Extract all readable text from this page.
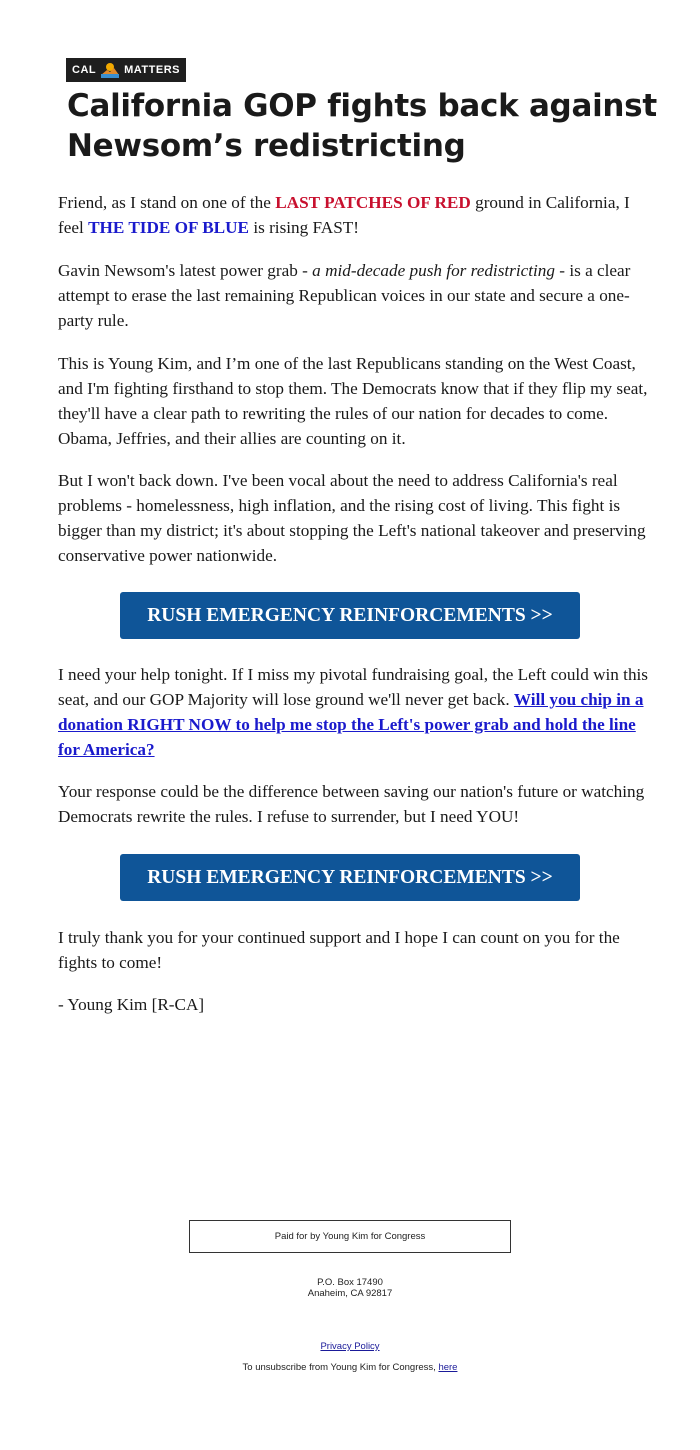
CAL	MATTERS
California GOP fights back against Newsom’s redistricting

Friend, as I stand on one of the LAST PATCHES OF RED ground in California, I feel THE TIDE OF BLUE is rising FAST!

Gavin Newsom's latest power grab - a mid-decade push for redistricting - is a clear attempt to erase the last remaining Republican voices in our state and secure a one-party rule.

This is Young Kim, and I’m one of the last Republicans standing on the West Coast, and I'm fighting firsthand to stop them. The Democrats know that if they flip my seat, they'll have a clear path to rewriting the rules of our nation for decades to come. Obama, Jeffries, and their allies are counting on it.

But I won't back down. I've been vocal about the need to address California's real problems - homelessness, high inflation, and the rising cost of living. This fight is bigger than my district; it's about stopping the Left's national takeover and preserving conservative power nationwide.

RUSH EMERGENCY REINFORCEMENTS >>

I need your help tonight. If I miss my pivotal fundraising goal, the Left could win this seat, and our GOP Majority will lose ground we'll never get back. Will you chip in a donation RIGHT NOW to help me stop the Left's power grab and hold the line for America?

Your response could be the difference between saving our nation's future or watching Democrats rewrite the rules. I refuse to surrender, but I need YOU!

RUSH EMERGENCY REINFORCEMENTS >>

I truly thank you for your continued support and I hope I can count on you for the fights to come!

- Young Kim [R-CA]

Paid for by Young Kim for Congress
P.O. Box 17490
Anaheim, CA 92817
Privacy Policy
To unsubscribe from Young Kim for Congress, here
